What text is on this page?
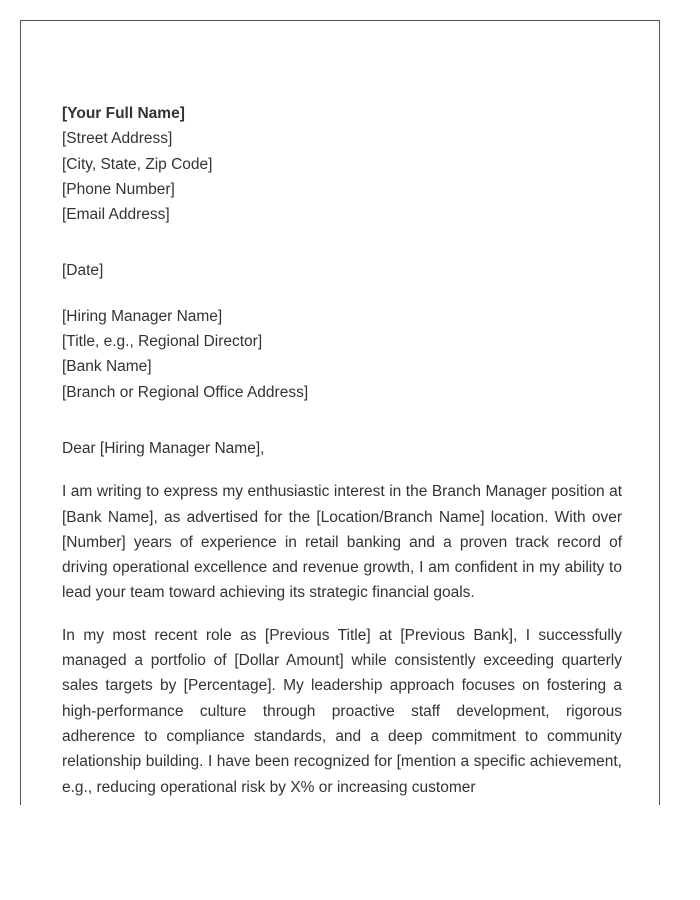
[Your Full Name]
[Street Address]
[City, State, Zip Code]
[Phone Number]
[Email Address]
[Date]
[Hiring Manager Name]
[Title, e.g., Regional Director]
[Bank Name]
[Branch or Regional Office Address]
Dear [Hiring Manager Name],

I am writing to express my enthusiastic interest in the Branch Manager position at [Bank Name], as advertised for the [Location/Branch Name] location. With over [Number] years of experience in retail banking and a proven track record of driving operational excellence and revenue growth, I am confident in my ability to lead your team toward achieving its strategic financial goals.

In my most recent role as [Previous Title] at [Previous Bank], I successfully managed a portfolio of [Dollar Amount] while consistently exceeding quarterly sales targets by [Percentage]. My leadership approach focuses on fostering a high-performance culture through proactive staff development, rigorous adherence to compliance standards, and a deep commitment to community relationship building. I have been recognized for [mention a specific achievement, e.g., reducing operational risk by X% or increasing customer
